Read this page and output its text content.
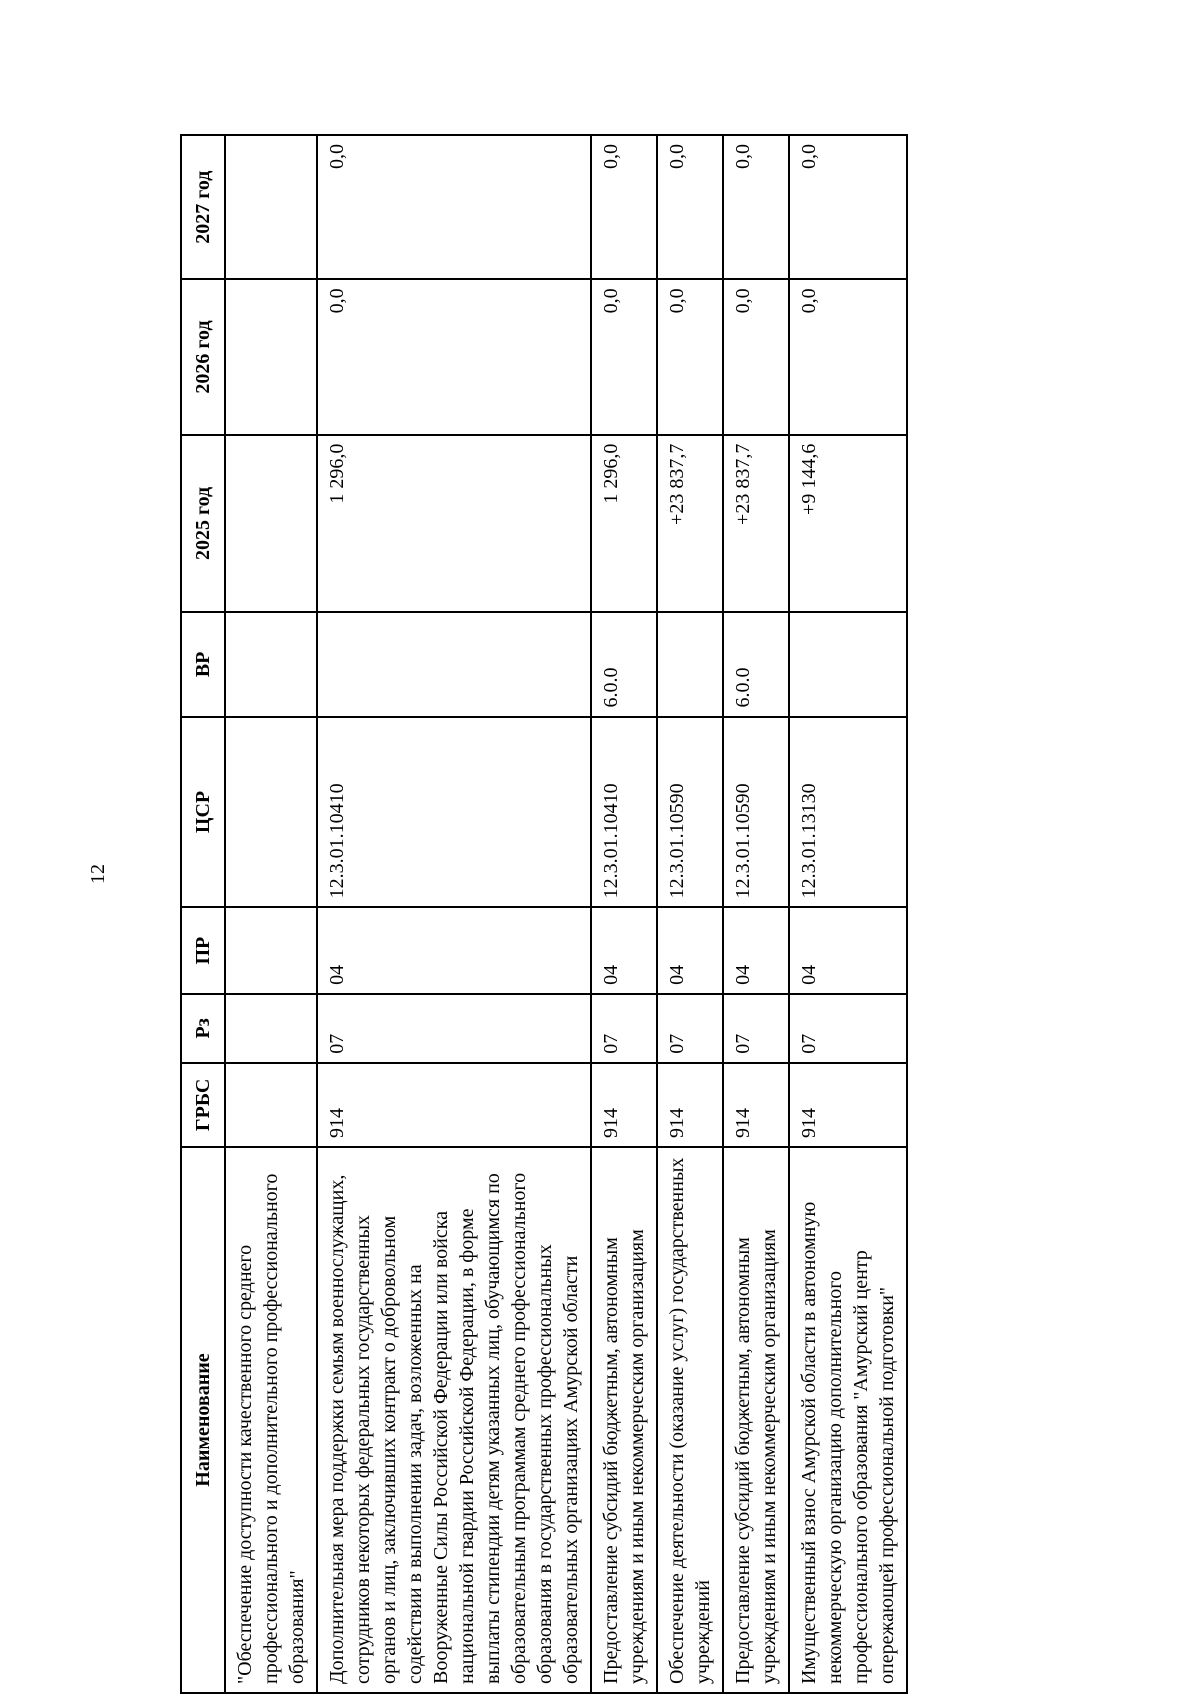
12
Наименование	ГРБС	Рз	ПР	ЦСР	ВР	2025 год	2026 год	2027 год
"Обеспечение доступности качественного среднего профессионального и дополнительного профессионального образования"								
Дополнительная мера поддержки семьям военнослужащих, сотрудников некоторых федеральных государственных органов и лиц, заключивших контракт о добровольном содействии в выполнении задач, возложенных на Вооруженные Силы Российской Федерации или войска национальной гвардии Российской Федерации, в форме выплаты стипендии детям указанных лиц, обучающимся по образовательным программам среднего профессионального образования в государственных профессиональных образовательных организациях Амурской области	914	07	04	12.3.01.10410		1 296,0	0,0	0,0
Предоставление субсидий бюджетным, автономным учреждениям и иным некоммерческим организациям	914	07	04	12.3.01.10410	6.0.0	1 296,0	0,0	0,0
Обеспечение деятельности (оказание услуг) государственных учреждений	914	07	04	12.3.01.10590		+23 837,7	0,0	0,0
Предоставление субсидий бюджетным, автономным учреждениям и иным некоммерческим организациям	914	07	04	12.3.01.10590	6.0.0	+23 837,7	0,0	0,0
Имущественный взнос Амурской области в автономную некоммерческую организацию дополнительного профессионального образования "Амурский центр опережающей профессиональной подготовки"	914	07	04	12.3.01.13130		+9 144,6	0,0	0,0
